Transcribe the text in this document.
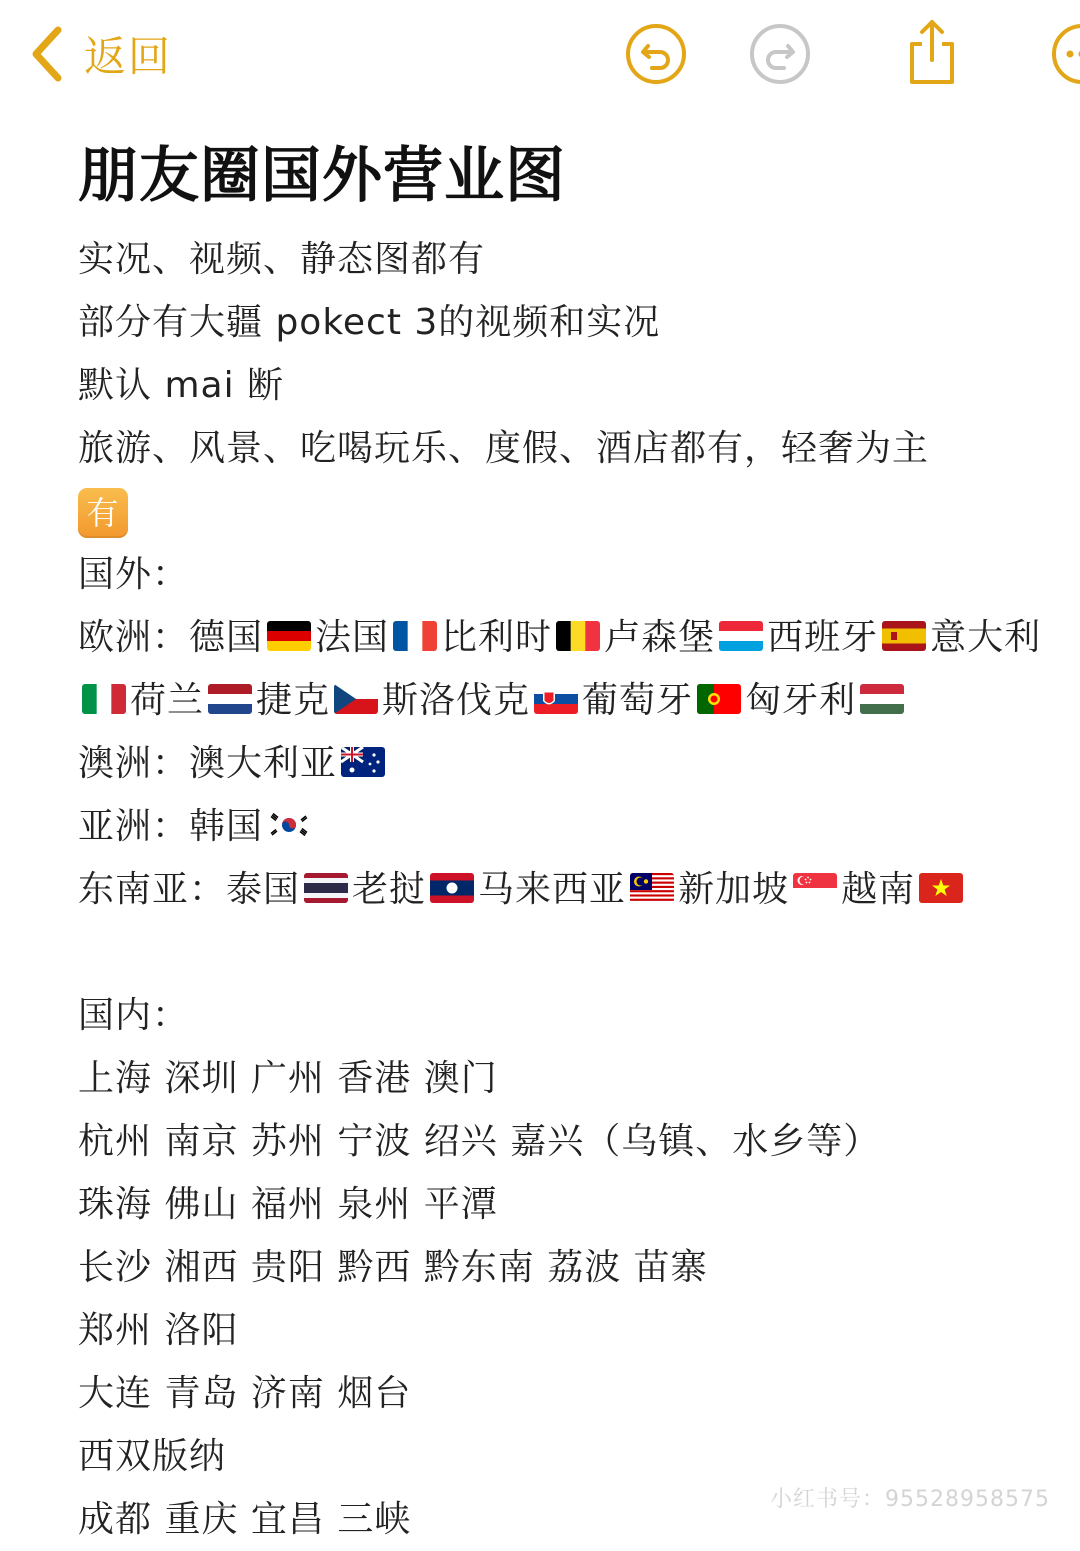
返回
朋友圈国外营业图
实况、视频、静态图都有
部分有大疆 pokect 3的视频和实况
默认 mai 断
旅游、风景、吃喝玩乐、度假、酒店都有，轻奢为主
有
国外：
欧洲：德国 法国 比利时 卢森堡 西班牙 意大利
荷兰 捷克 斯洛伐克 葡萄牙 匈牙利
澳洲：澳大利亚
亚洲：韩国
东南亚：泰国 老挝 马来西亚 新加坡 越南
国内：
上海 深圳 广州 香港 澳门
杭州 南京 苏州 宁波 绍兴 嘉兴（乌镇、水乡等）
珠海 佛山 福州 泉州 平潭
长沙 湘西 贵阳 黔西 黔东南 荔波 苗寨
郑州 洛阳
大连 青岛 济南 烟台
西双版纳
成都 重庆 宜昌 三峡	小红书号：95528958575
